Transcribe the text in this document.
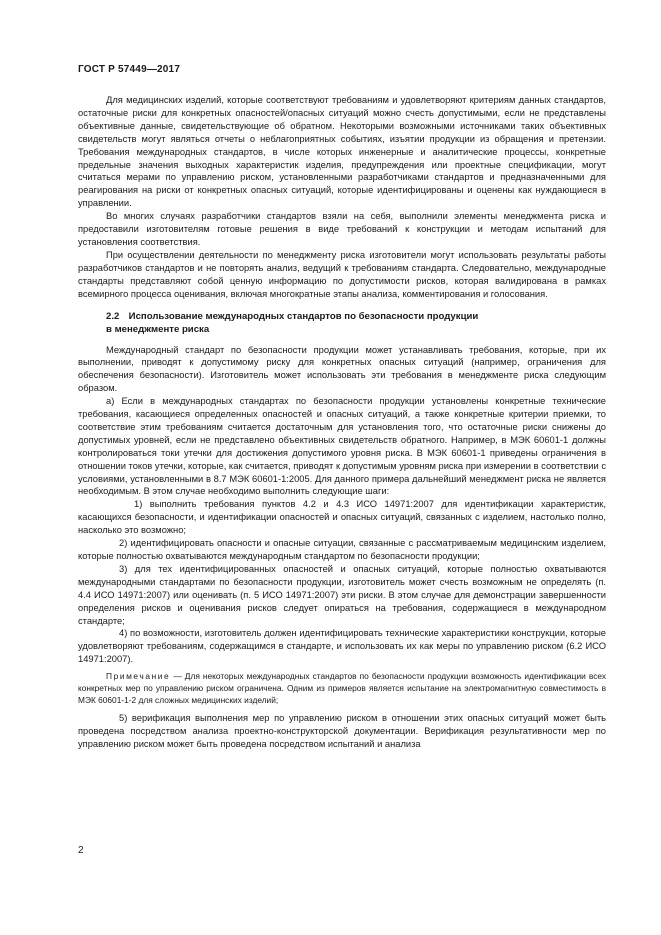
ГОСТ Р 57449—2017

Для медицинских изделий, которые соответствуют требованиям и удовлетворяют критериям данных стандартов, остаточные риски для конкретных опасностей/опасных ситуаций можно счесть допустимыми, если не представлены объективные данные, свидетельствующие об обратном. Некоторыми возможными источниками таких объективных свидетельств могут являться отчеты о неблагоприятных событиях, изъятии продукции из обращения и претензии. Требования международных стандартов, в числе которых инженерные и аналитические процессы, конкретные предельные значения выходных характеристик изделия, предупреждения или проектные спецификации, могут считаться мерами по управлению риском, установленными разработчиками стандартов и предназначенными для реагирования на риски от конкретных опасных ситуаций, которые идентифицированы и оценены как нуждающиеся в управлении.

Во многих случаях разработчики стандартов взяли на себя, выполнили элементы менеджмента риска и предоставили изготовителям готовые решения в виде требований к конструкции и методам испытаний для установления соответствия.

При осуществлении деятельности по менеджменту риска изготовители могут использовать результаты работы разработчиков стандартов и не повторять анализ, ведущий к требованиям стандарта. Следовательно, международные стандарты представляют собой ценную информацию по допустимости рисков, которая валидирована в рамках всемирного процесса оценивания, включая многократные этапы анализа, комментирования и голосования.

2.2 Использование международных стандартов по безопасности продукции
в менеджменте риска

Международный стандарт по безопасности продукции может устанавливать требования, которые, при их выполнении, приводят к допустимому риску для конкретных опасных ситуаций (например, ограничения для обеспечения безопасности). Изготовитель может использовать эти требования в менеджменте риска следующим образом.

а) Если в международных стандартах по безопасности продукции установлены конкретные технические требования, касающиеся определенных опасностей и опасных ситуаций, а также конкретные критерии приемки, то соответствие этим требованиям считается достаточным для установления того, что остаточные риски снижены до допустимых уровней, если не представлено объективных свидетельств обратного. Например, в МЭК 60601-1 должны контролироваться токи утечки для достижения допустимого уровня риска. В МЭК 60601-1 приведены ограничения в отношении токов утечки, которые, как считается, приводят к допустимым уровням риска при измерении в соответствии с условиями, установленными в 8.7 МЭК 60601-1:2005. Для данного примера дальнейший менеджмент риска не является необходимым. В этом случае необходимо выполнить следующие шаги:

1) выполнить требования пунктов 4.2 и 4.3 ИСО 14971:2007 для идентификации характеристик, касающихся безопасности, и идентификации опасностей и опасных ситуаций, связанных с изделием, настолько полно, насколько это возможно;

2) идентифицировать опасности и опасные ситуации, связанные с рассматриваемым медицинским изделием, которые полностью охватываются международным стандартом по безопасности продукции;

3) для тех идентифицированных опасностей и опасных ситуаций, которые полностью охватываются международными стандартами по безопасности продукции, изготовитель может счесть возможным не определять (п. 4.4 ИСО 14971:2007) или оценивать (п. 5 ИСО 14971:2007) эти риски. В этом случае для демонстрации завершенности определения рисков и оценивания рисков следует опираться на требования, содержащиеся в международном стандарте;

4) по возможности, изготовитель должен идентифицировать технические характеристики конструкции, которые удовлетворяют требованиям, содержащимся в стандарте, и использовать их как меры по управлению риском (6.2 ИСО 14971:2007).

Примечание — Для некоторых международных стандартов по безопасности продукции возможность идентификации всех конкретных мер по управлению риском ограничена. Одним из примеров является испытание на электромагнитную совместимость в МЭК 60601-1-2 для сложных медицинских изделий;

5) верификация выполнения мер по управлению риском в отношении этих опасных ситуаций может быть проведена посредством анализа проектно-конструкторской документации. Верификация результативности мер по управлению риском может быть проведена посредством испытаний и анализа

2
